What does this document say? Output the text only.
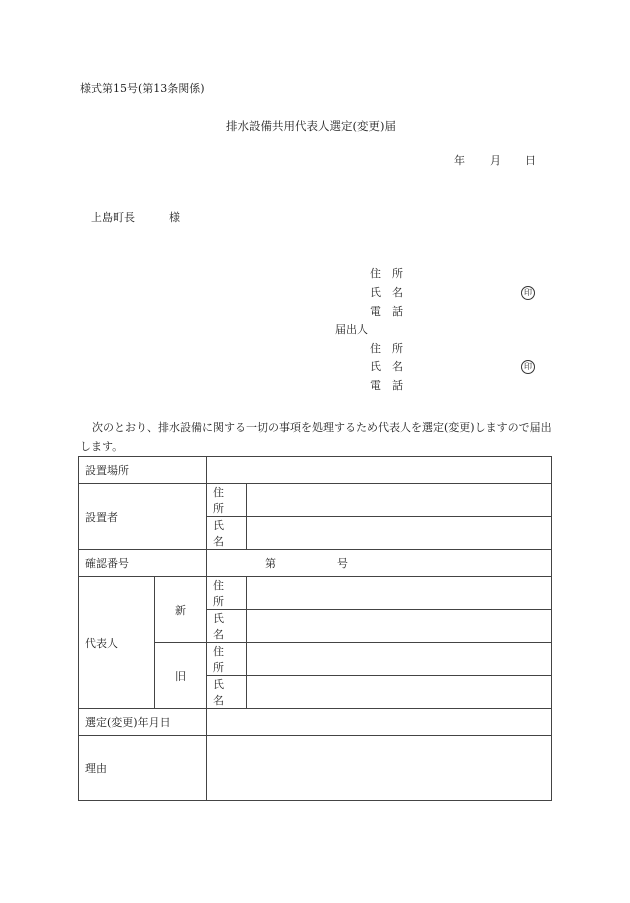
様式第15号(第13条関係)
排水設備共用代表人選定(変更)届
年 月 日
上島町長	様
住所
氏名	印
電話
届出人
住所
氏名	印
電話
次のとおり、排水設備に関する一切の事項を処理するため代表人を選定(変更)しますので届出します。
設置場所			

設置者		住所	
		氏名	
確認番号		第 号	

代表人	新	住所	
		氏名	
	旧	住所	
		氏名	
選定(変更)年月日			
理由			
